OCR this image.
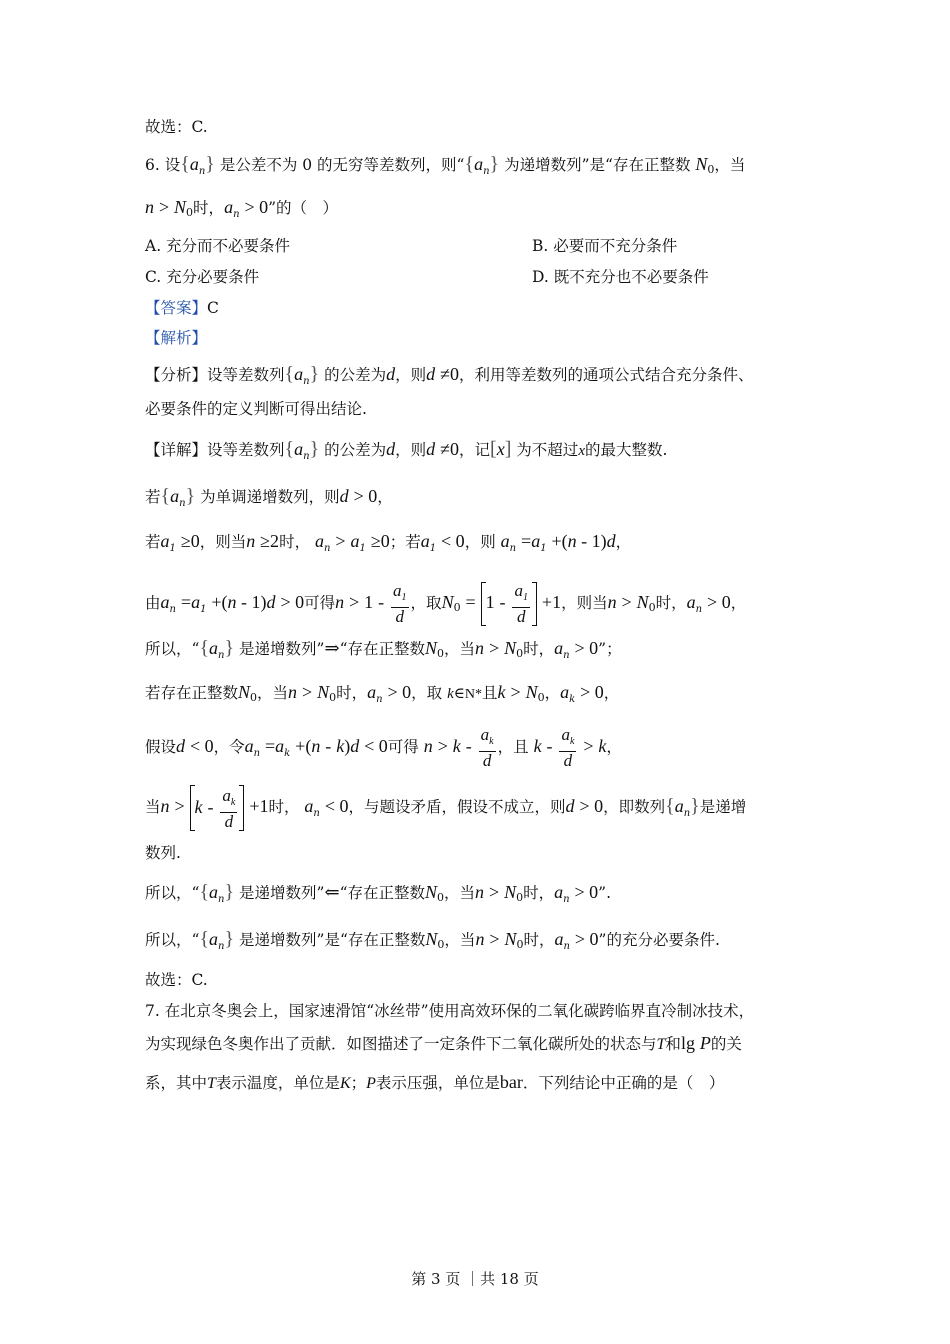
故选：C.
6. 设$\{a_n\}$ 是公差不为 0 的无穷等差数列，则“$\{a_n\}$ 为递增数列”是“存在正整数 $N_0$，当
$n > N_0$时，$a_n > 0$”的（　）
A. 充分而不必要条件	B. 必要而不充分条件
C. 充分必要条件	D. 既不充分也不必要条件
【答案】C
【解析】
【分析】设等差数列$\{a_n\}$ 的公差为d，则d ≠0，利用等差数列的通项公式结合充分条件、
必要条件的定义判断可得出结论.
【详解】设等差数列$\{a_n\}$ 的公差为d，则d ≠0，记[x] 为不超过x的最大整数.
若$\{a_n\}$ 为单调递增数列，则d > 0，
若$a_1 \ge 0$，则当n ≥2时， $a_n > a_1 \ge 0$；若$a_1 < 0$，则 $a_n =a_1 +(n - 1)d$，
由$a_n =a_1 +(n - 1)d > 0$可得$n > 1 - \frac{a_1}{d}$ ，取$N_0 = 1 - \frac{a_1}{d} +1$，则当$n > N_0$时，$a_n > 0$，
所以，“$\{a_n\}$ 是递增数列”⇒“存在正整数$N_0$，当$n > N_0$时，$a_n > 0$”；
若存在正整数$N_0$，当$n > N_0$时，$a_n > 0$，取 k∈N*且$k > N_0$，$a_k > 0$，
假设d < 0，令$a_n =a_k +(n - k)d < 0$可得 $n > k - \frac{a_k}{d}$ ，且 $k - \frac{a_k}{d} > k$，
当$n > k - \frac{a_k}{d} +1$时， $a_n < 0$，与题设矛盾，假设不成立，则d > 0，即数列$\{a_n\}$是递增
数列.
所以，“$\{a_n\}$ 是递增数列”⇐“存在正整数$N_0$，当$n > N_0$时，$a_n > 0$”.
所以，“$\{a_n\}$ 是递增数列”是“存在正整数$N_0$，当$n > N_0$时，$a_n > 0$”的充分必要条件.
故选：C.
7. 在北京冬奥会上，国家速滑馆“冰丝带”使用高效环保的二氧化碳跨临界直冷制冰技术，
为实现绿色冬奥作出了贡献．如图描述了一定条件下二氧化碳所处的状态与T和lg P的关
系，其中T表示温度，单位是K；P表示压强，单位是bar．下列结论中正确的是（　）
第 3 页 ｜共 18 页
